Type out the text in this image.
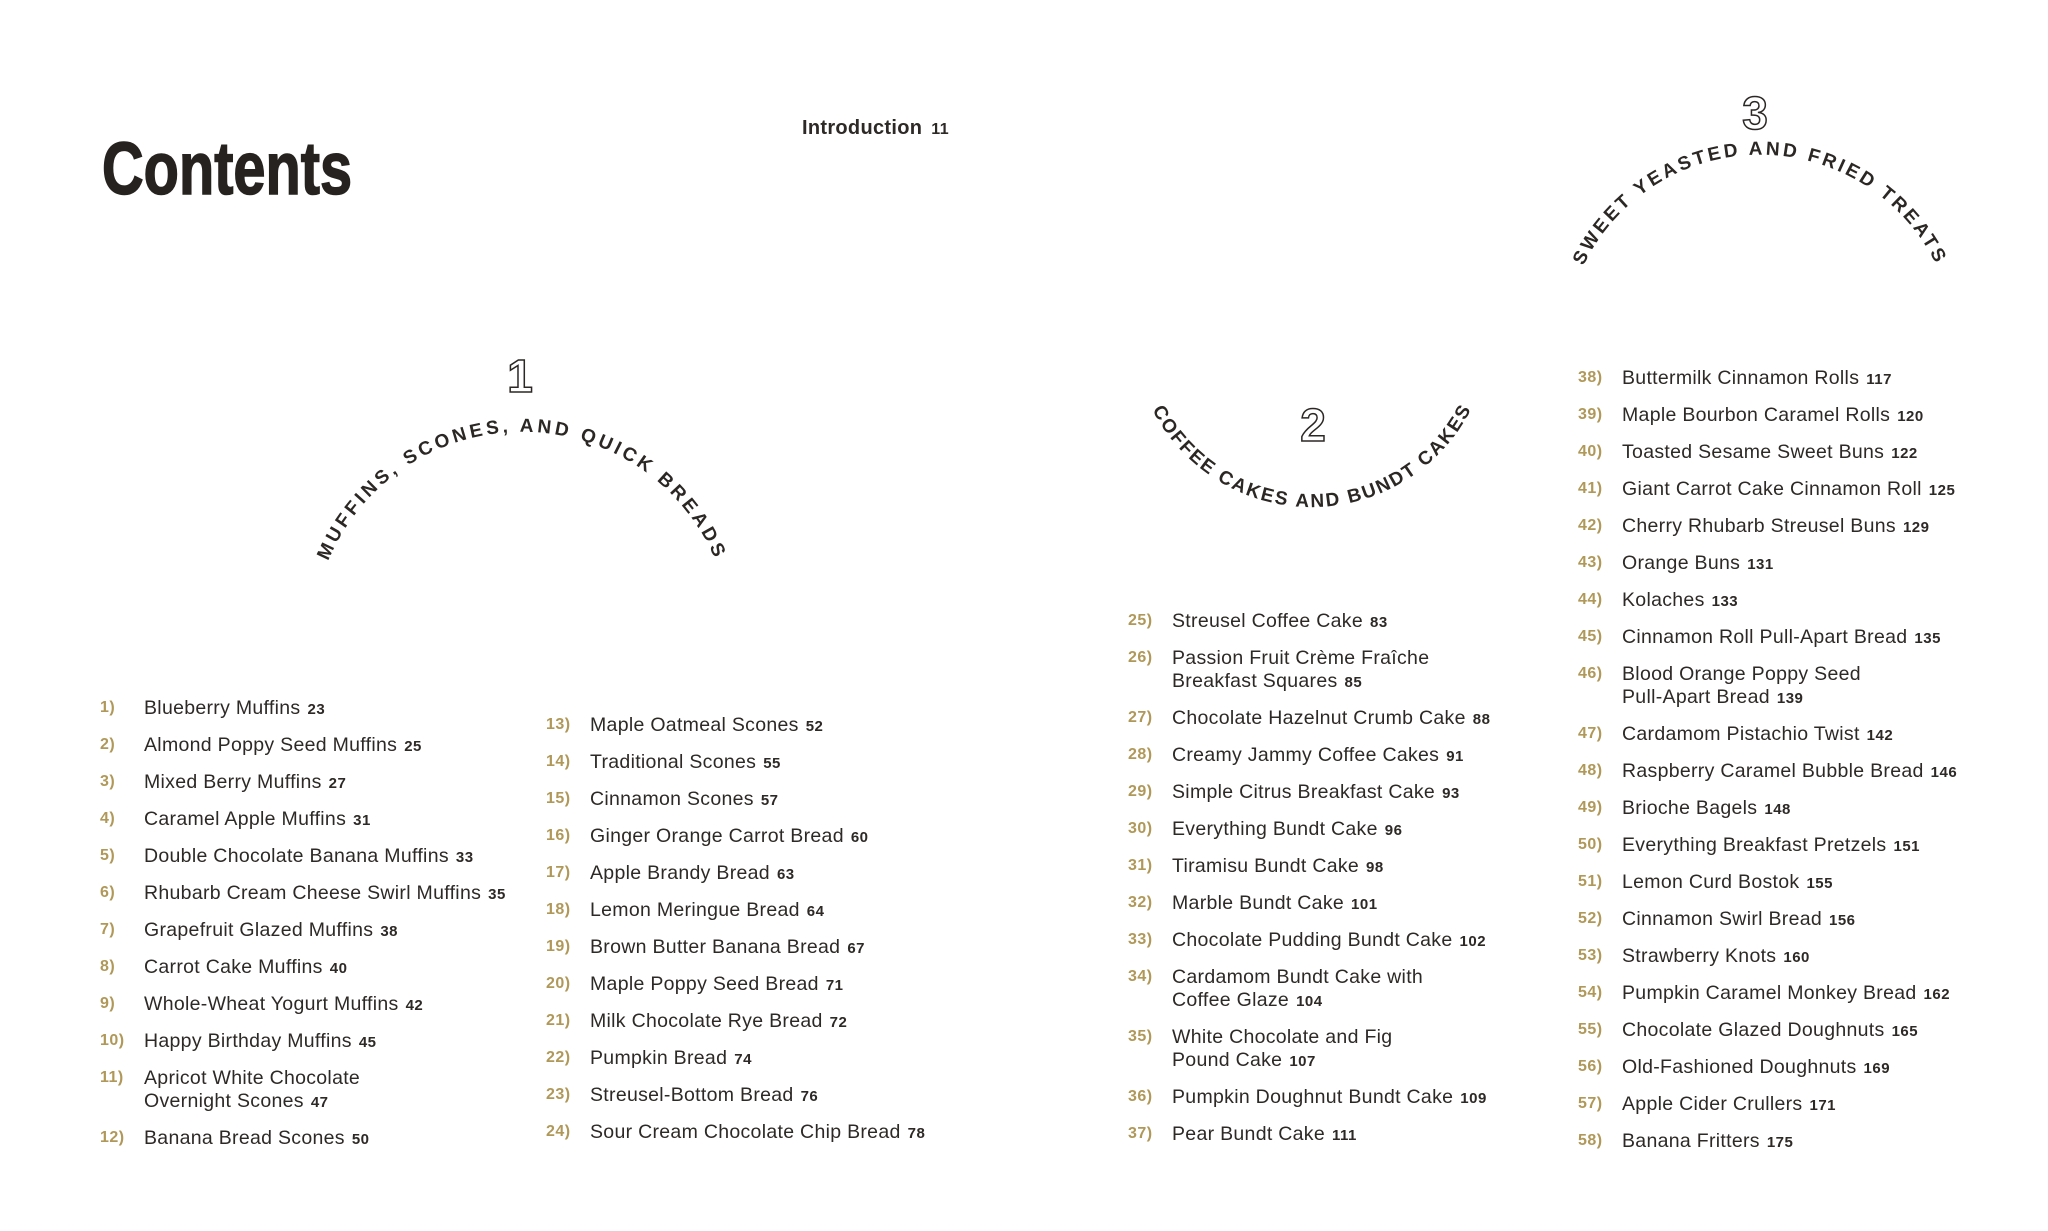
Contents	Introduction 11
1
MUFFINS, SCONES, AND QUICK BREADS
2
COFFEE CAKES AND BUNDT CAKES
3
SWEET YEASTED AND FRIED TREATS
1)	Blueberry Muffins 23
2)	Almond Poppy Seed Muffins 25
3)	Mixed Berry Muffins 27
4)	Caramel Apple Muffins 31
5)	Double Chocolate Banana Muffins 33
6)	Rhubarb Cream Cheese Swirl Muffins 35
7)	Grapefruit Glazed Muffins 38
8)	Carrot Cake Muffins 40
9)	Whole-Wheat Yogurt Muffins 42
10) Happy Birthday Muffins 45
11)	Apricot White Chocolate
Overnight Scones 47
12) Banana Bread Scones 50
13) Maple Oatmeal Scones 52
14) Traditional Scones 55
15) Cinnamon Scones 57
16) Ginger Orange Carrot Bread 60
17) Apple Brandy Bread 63
18) Lemon Meringue Bread 64
19) Brown Butter Banana Bread 67
20) Maple Poppy Seed Bread 71
21) Milk Chocolate Rye Bread 72
22) Pumpkin Bread 74
23) Streusel-Bottom Bread 76
24) Sour Cream Chocolate Chip Bread 78
25) Streusel Coffee Cake 83
26) Passion Fruit Crème Fraîche
Breakfast Squares 85
27) Chocolate Hazelnut Crumb Cake 88
28) Creamy Jammy Coffee Cakes 91
29) Simple Citrus Breakfast Cake 93
30) Everything Bundt Cake 96
31) Tiramisu Bundt Cake 98
32) Marble Bundt Cake 101
33) Chocolate Pudding Bundt Cake 102
34) Cardamom Bundt Cake with
Coffee Glaze 104
35) White Chocolate and Fig
Pound Cake 107
36) Pumpkin Doughnut Bundt Cake 109
37) Pear Bundt Cake 111
38) Buttermilk Cinnamon Rolls 117
39) Maple Bourbon Caramel Rolls 120
40) Toasted Sesame Sweet Buns 122
41) Giant Carrot Cake Cinnamon Roll 125
42) Cherry Rhubarb Streusel Buns 129
43) Orange Buns 131
44) Kolaches 133
45) Cinnamon Roll Pull-Apart Bread 135
46) Blood Orange Poppy Seed
Pull-Apart Bread 139
47) Cardamom Pistachio Twist 142
48) Raspberry Caramel Bubble Bread 146
49) Brioche Bagels 148
50) Everything Breakfast Pretzels 151
51) Lemon Curd Bostok 155
52) Cinnamon Swirl Bread 156
53) Strawberry Knots 160
54) Pumpkin Caramel Monkey Bread 162
55) Chocolate Glazed Doughnuts 165
56) Old-Fashioned Doughnuts 169
57) Apple Cider Crullers 171
58) Banana Fritters 175
